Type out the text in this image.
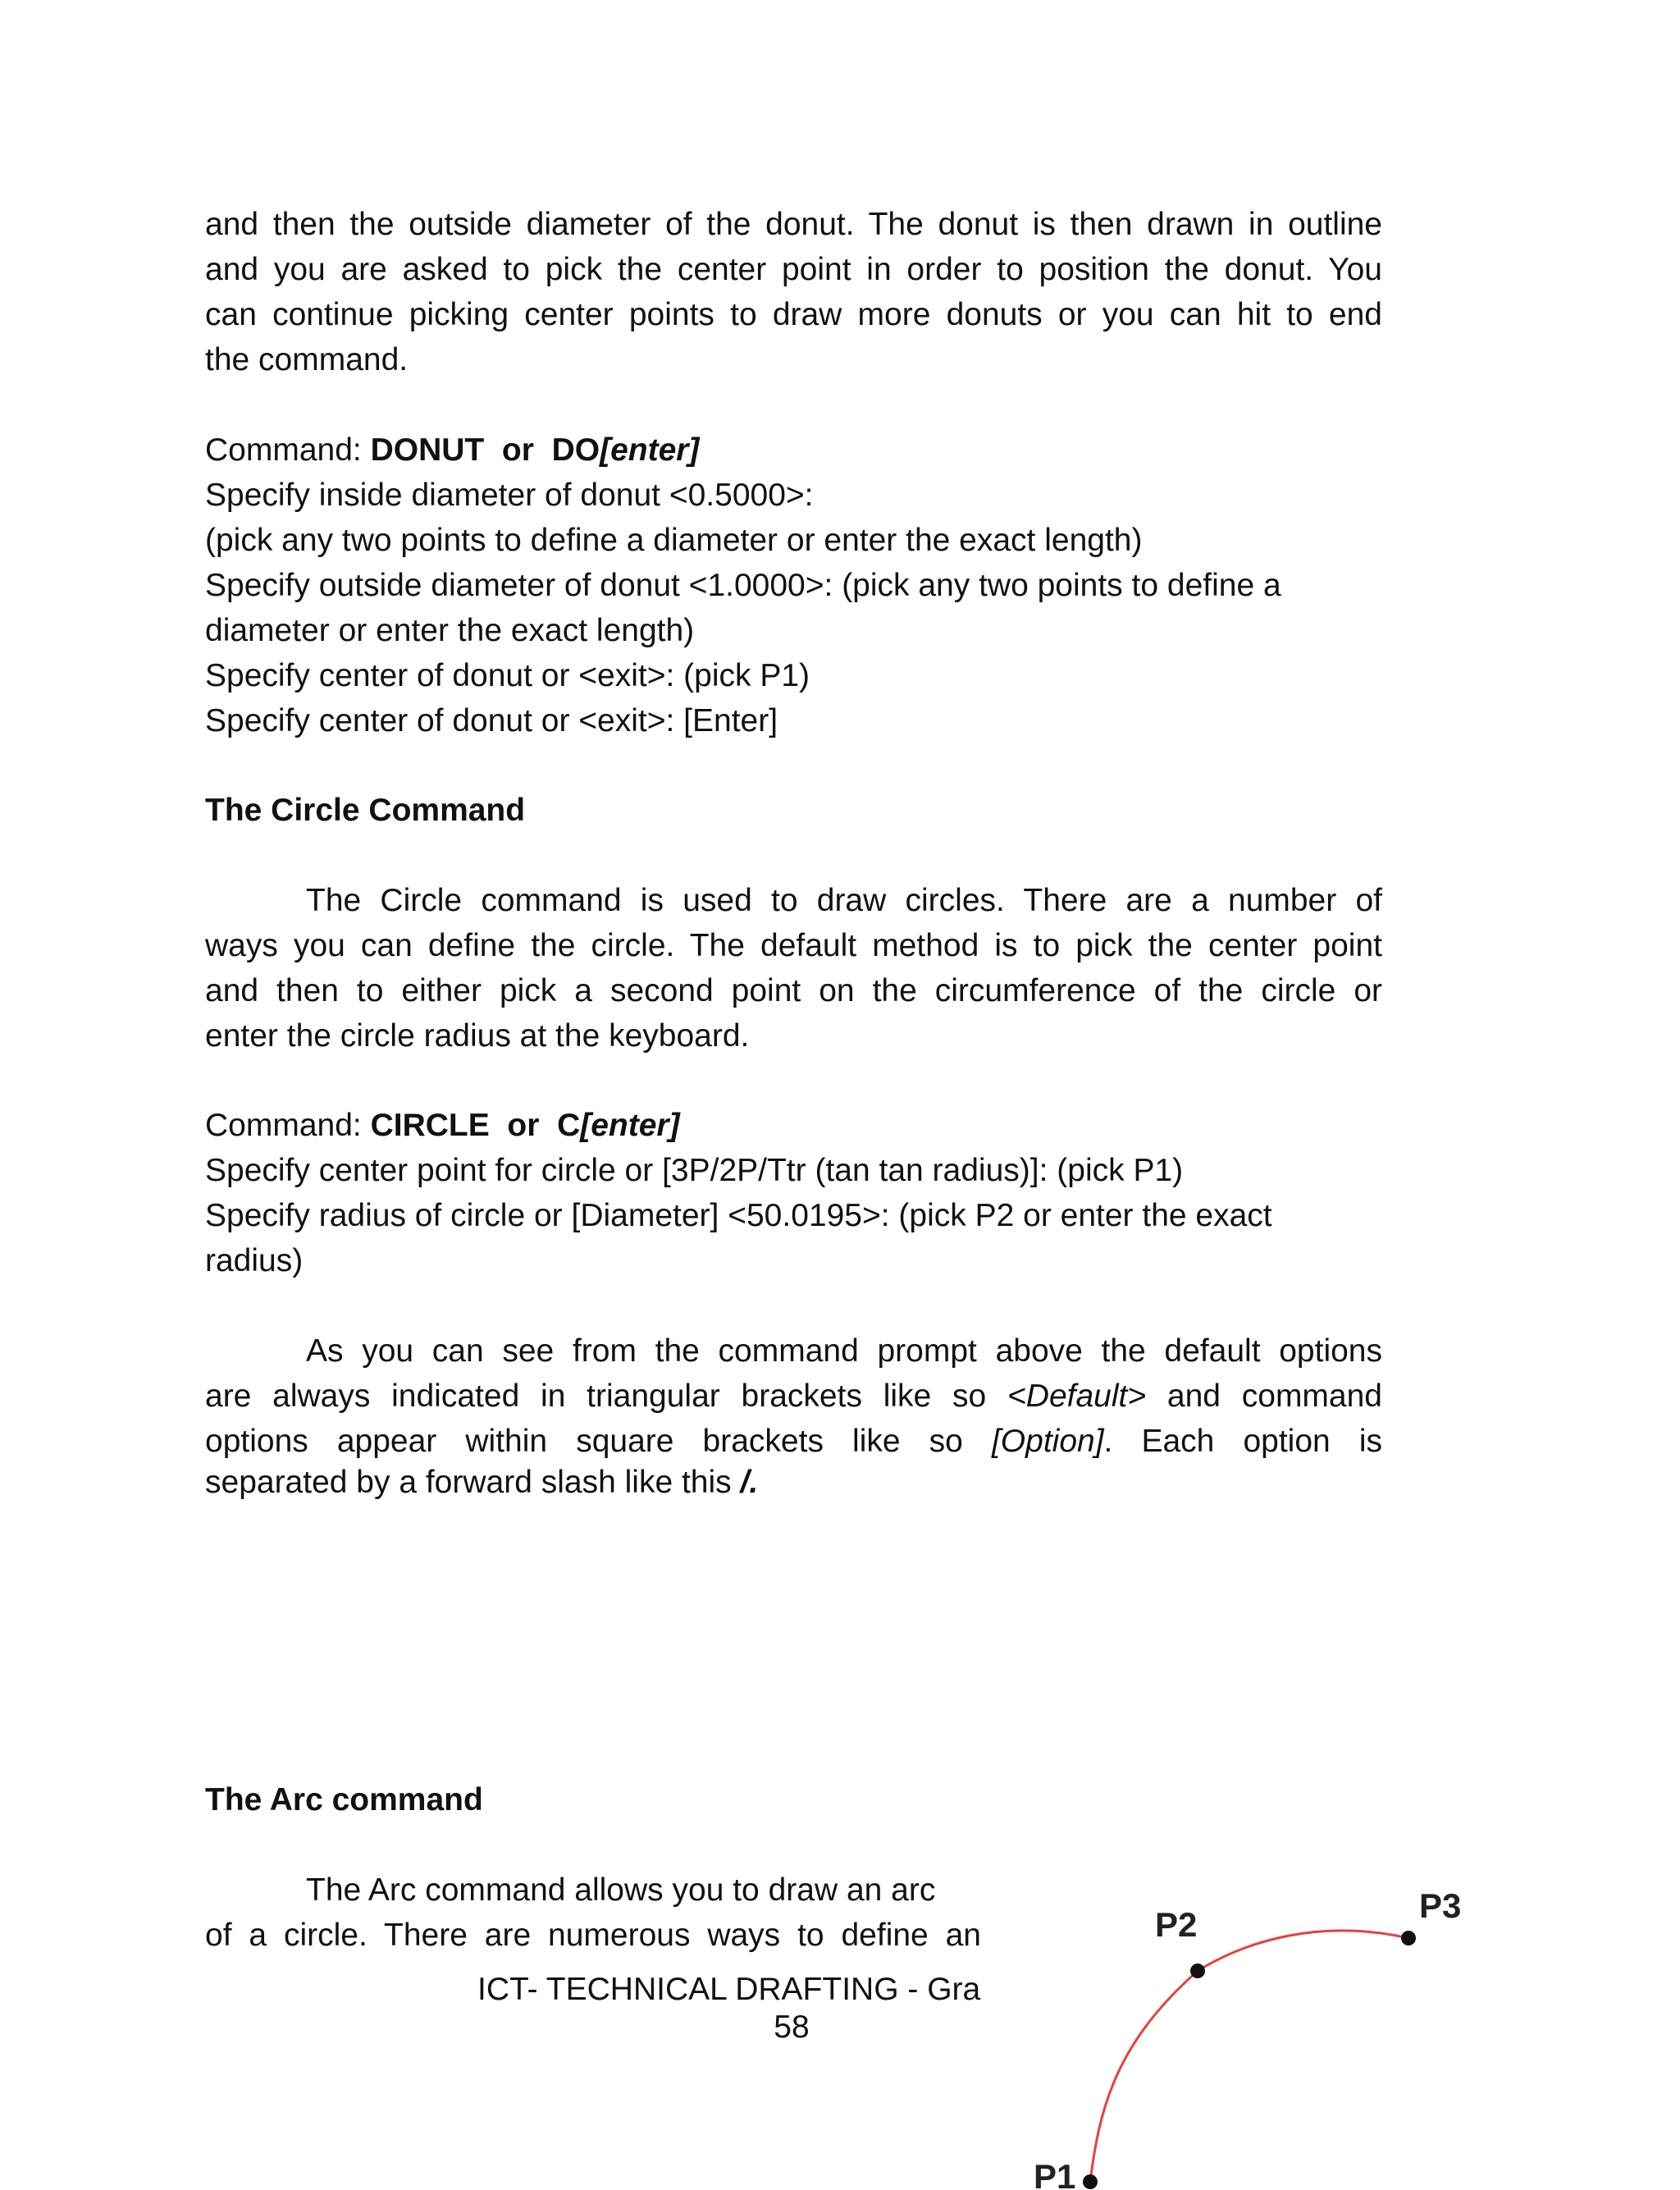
and then the outside diameter of the donut. The donut is then drawn in outline

and you are asked to pick the center point in order to position the donut. You

can continue picking center points to draw more donuts or you can hit to end

the command.

Command: DONUT  or  DO[enter]

Specify inside diameter of donut <0.5000>:

(pick any two points to define a diameter or enter the exact length)

Specify outside diameter of donut <1.0000>: (pick any two points to define a

diameter or enter the exact length)

Specify center of donut or <exit>: (pick P1)

Specify center of donut or <exit>: [Enter]

The Circle Command

The Circle command is used to draw circles. There are a number of

ways you can define the circle. The default method is to pick the center point

and then to either pick a second point on the circumference of the circle or

enter the circle radius at the keyboard.

Command: CIRCLE  or  C[enter]

Specify center point for circle or [3P/2P/Ttr (tan tan radius)]: (pick P1)

Specify radius of circle or [Diameter] <50.0195>: (pick P2 or enter the exact

radius)

As you can see from the command prompt above the default options

are always indicated in triangular brackets like so <Default> and command

options appear within square brackets like so [Option]. Each option is

separated by a forward slash like this /.

The Arc command

The Arc command allows you to draw an arc

of a circle. There are numerous ways to define an

ICT- TECHNICAL DRAFTING - Gra
58
P1
P2	P3
